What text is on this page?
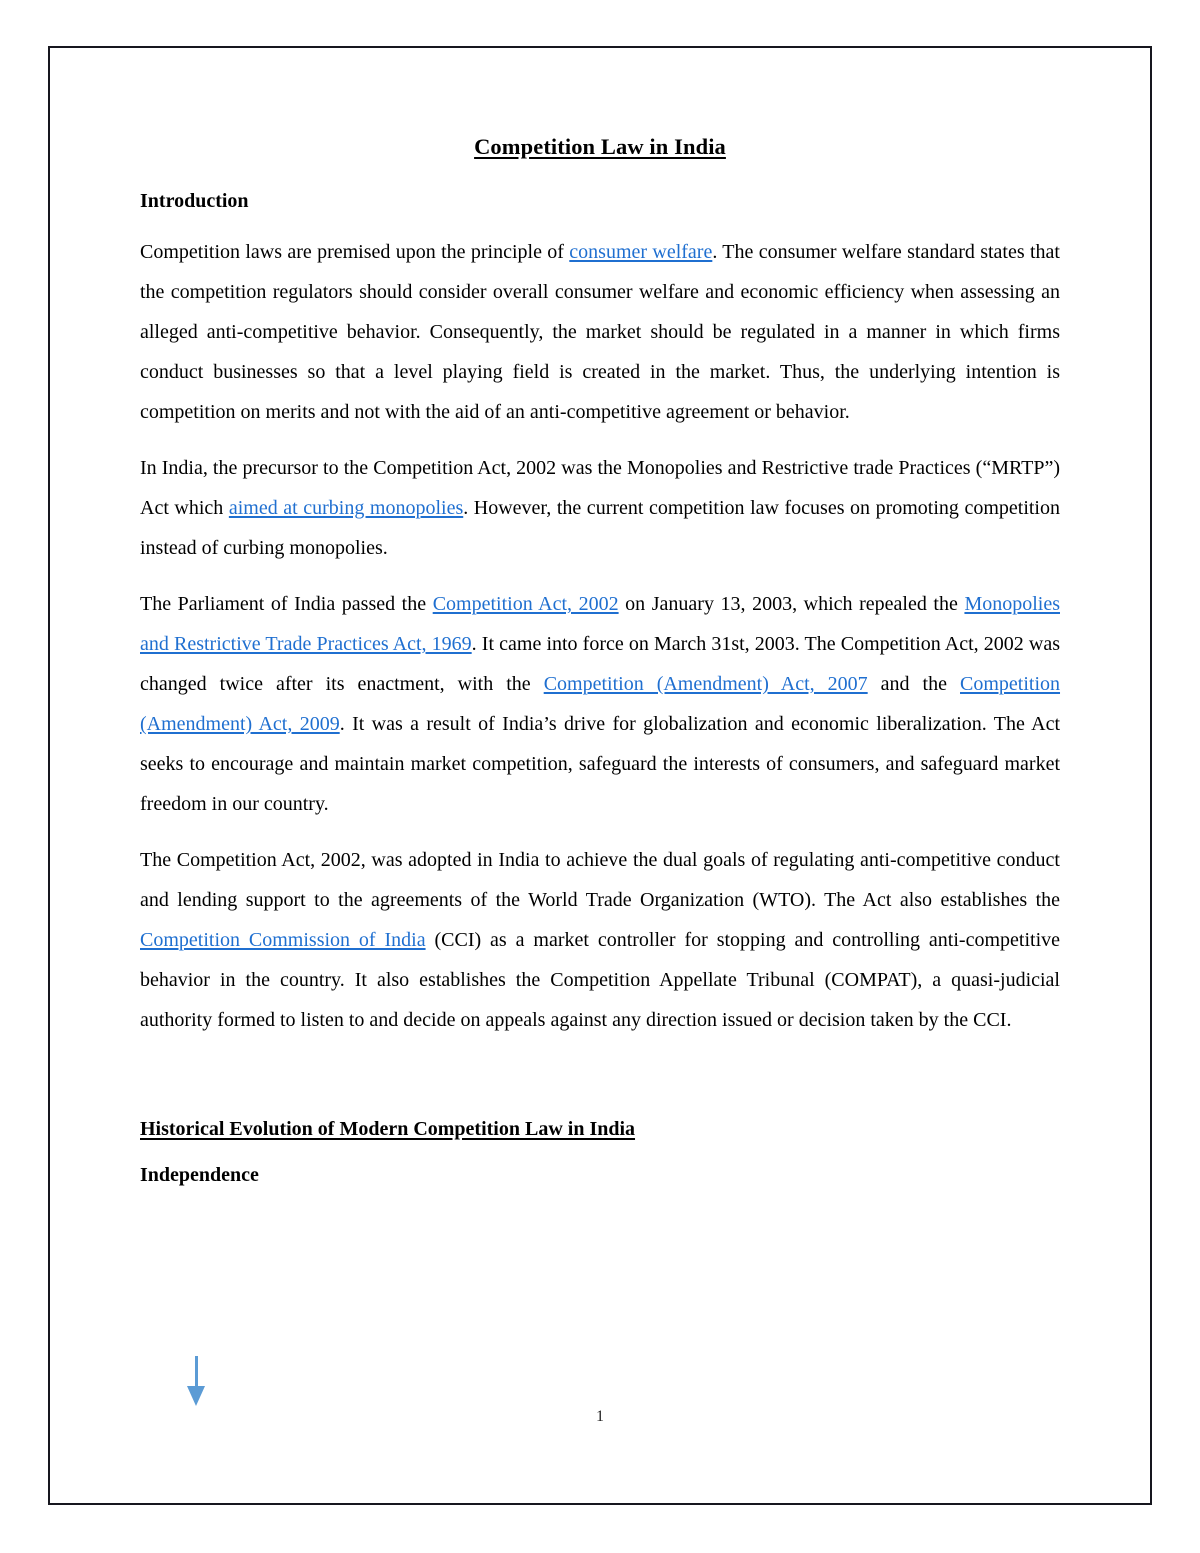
Competition Law in India
Introduction

Competition laws are premised upon the principle of consumer welfare. The consumer welfare standard states that the competition regulators should consider overall consumer welfare and economic efficiency when assessing an alleged anti-competitive behavior. Consequently, the market should be regulated in a manner in which firms conduct businesses so that a level playing field is created in the market. Thus, the underlying intention is competition on merits and not with the aid of an anti-competitive agreement or behavior.

In India, the precursor to the Competition Act, 2002 was the Monopolies and Restrictive trade Practices (“MRTP”) Act which aimed at curbing monopolies. However, the current competition law focuses on promoting competition instead of curbing monopolies.

The Parliament of India passed the Competition Act, 2002 on January 13, 2003, which repealed the Monopolies and Restrictive Trade Practices Act, 1969. It came into force on March 31st, 2003. The Competition Act, 2002 was changed twice after its enactment, with the Competition (Amendment) Act, 2007 and the Competition (Amendment) Act, 2009. It was a result of India’s drive for globalization and economic liberalization. The Act seeks to encourage and maintain market competition, safeguard the interests of consumers, and safeguard market freedom in our country.

The Competition Act, 2002, was adopted in India to achieve the dual goals of regulating anti-competitive conduct and lending support to the agreements of the World Trade Organization (WTO). The Act also establishes the Competition Commission of India (CCI) as a market controller for stopping and controlling anti-competitive behavior in the country. It also establishes the Competition Appellate Tribunal (COMPAT), a quasi-judicial authority formed to listen to and decide on appeals against any direction issued or decision taken by the CCI.

Historical Evolution of Modern Competition Law in India
Independence
1
